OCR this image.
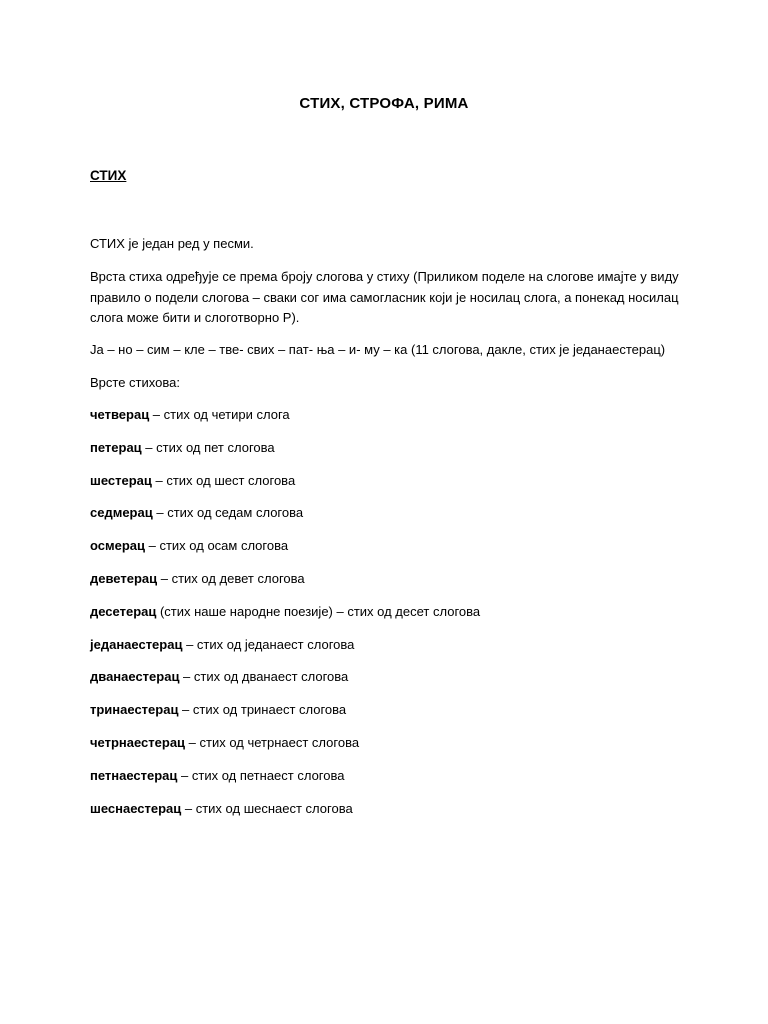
СТИХ, СТРОФА, РИМА
СТИХ
СТИХ је један ред у песми.
Врста стиха одређује се према броју слогова у стиху (Приликом поделе на слогове имајте у виду правило о подели слогова – сваки сог има самогласник који је носилац слога, а понекад носилац слога може бити и слоготворно Р).
Ја – но – сим – кле – тве- свих – пат- ња – и- му – ка (11 слогова, дакле, стих је једанаестерац)
Врсте стихова:
четверац – стих од четири слога
петерац – стих од пет слогова
шестерац – стих од шест слогова
седмерац – стих од седам слогова
осмерац – стих од осам слогова
деветерац – стих од девет слогова
десетерац (стих наше народне поезије) – стих од десет слогова
једанаестерац – стих од једанаест слогова
дванаестерац – стих од дванаест слогова
тринаестерац – стих од тринаест слогова
четрнаестерац – стих од четрнаест слогова
петнаестерац – стих од петнаест слогова
шеснаестерац – стих од шеснаест слогова
